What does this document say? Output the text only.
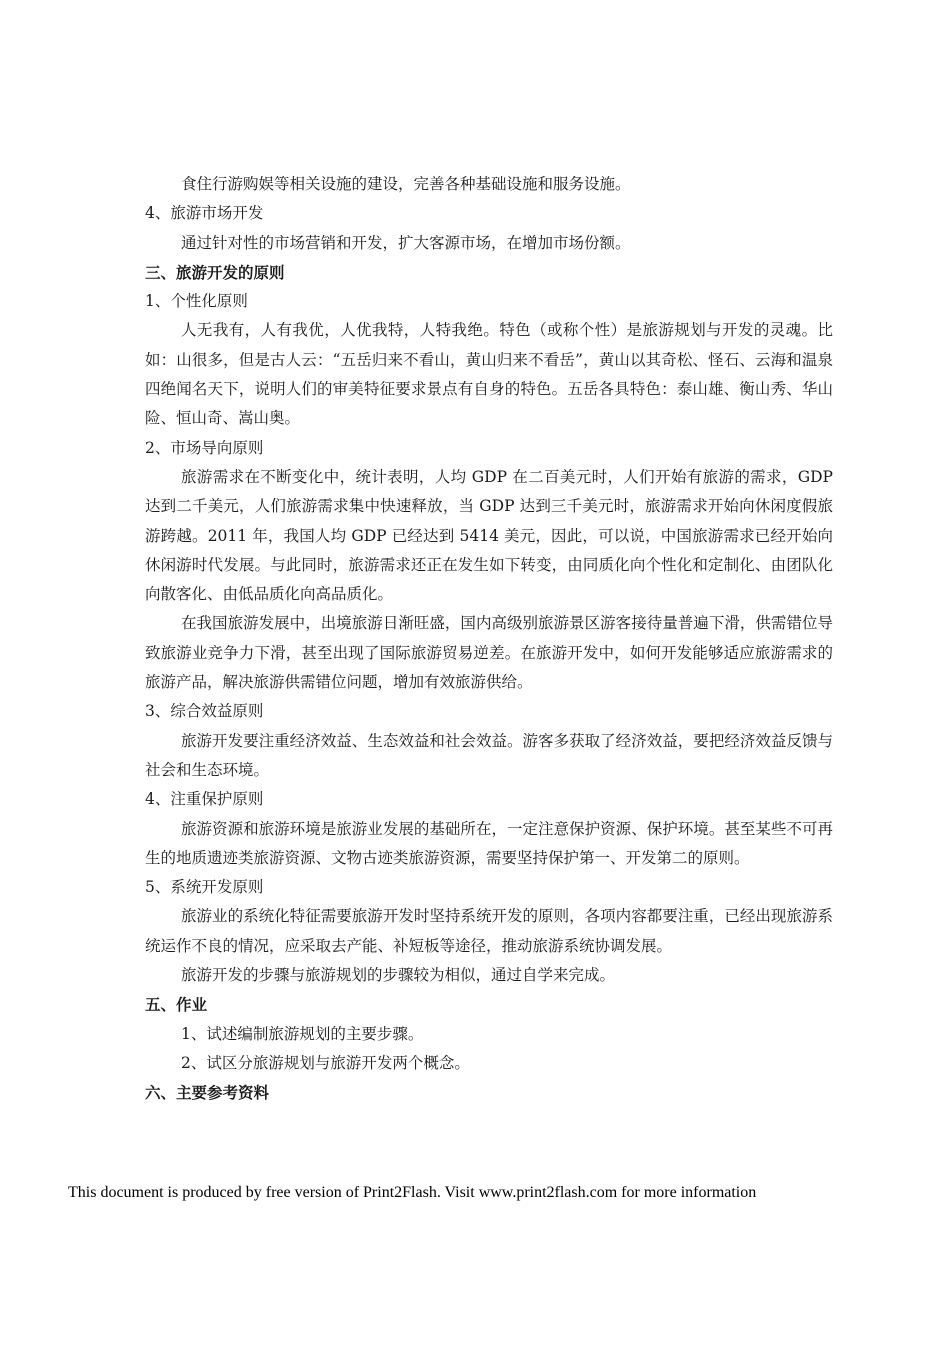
食住行游购娱等相关设施的建设，完善各种基础设施和服务设施。

4、旅游市场开发

通过针对性的市场营销和开发，扩大客源市场，在增加市场份额。

三、旅游开发的原则

1、个性化原则

人无我有，人有我优，人优我特，人特我绝。特色（或称个性）是旅游规划与开发的灵魂。比如：山很多，但是古人云：“五岳归来不看山，黄山归来不看岳”，黄山以其奇松、怪石、云海和温泉四绝闻名天下，说明人们的审美特征要求景点有自身的特色。五岳各具特色：泰山雄、衡山秀、华山险、恒山奇、嵩山奥。

2、市场导向原则

旅游需求在不断变化中，统计表明，人均 GDP 在二百美元时，人们开始有旅游的需求，GDP 达到二千美元，人们旅游需求集中快速释放，当 GDP 达到三千美元时，旅游需求开始向休闲度假旅游跨越。2011 年，我国人均 GDP 已经达到 5414 美元，因此，可以说，中国旅游需求已经开始向休闲游时代发展。与此同时，旅游需求还正在发生如下转变，由同质化向个性化和定制化、由团队化向散客化、由低品质化向高品质化。

在我国旅游发展中，出境旅游日渐旺盛，国内高级别旅游景区游客接待量普遍下滑，供需错位导致旅游业竞争力下滑，甚至出现了国际旅游贸易逆差。在旅游开发中，如何开发能够适应旅游需求的旅游产品，解决旅游供需错位问题，增加有效旅游供给。

3、综合效益原则

旅游开发要注重经济效益、生态效益和社会效益。游客多获取了经济效益，要把经济效益反馈与社会和生态环境。

4、注重保护原则

旅游资源和旅游环境是旅游业发展的基础所在，一定注意保护资源、保护环境。甚至某些不可再生的地质遗迹类旅游资源、文物古迹类旅游资源，需要坚持保护第一、开发第二的原则。

5、系统开发原则

旅游业的系统化特征需要旅游开发时坚持系统开发的原则，各项内容都要注重，已经出现旅游系统运作不良的情况，应采取去产能、补短板等途径，推动旅游系统协调发展。

旅游开发的步骤与旅游规划的步骤较为相似，通过自学来完成。

五、作业

1、试述编制旅游规划的主要步骤。

2、试区分旅游规划与旅游开发两个概念。

六、主要参考资料

This document is produced by free version of Print2Flash. Visit www.print2flash.com for more information
